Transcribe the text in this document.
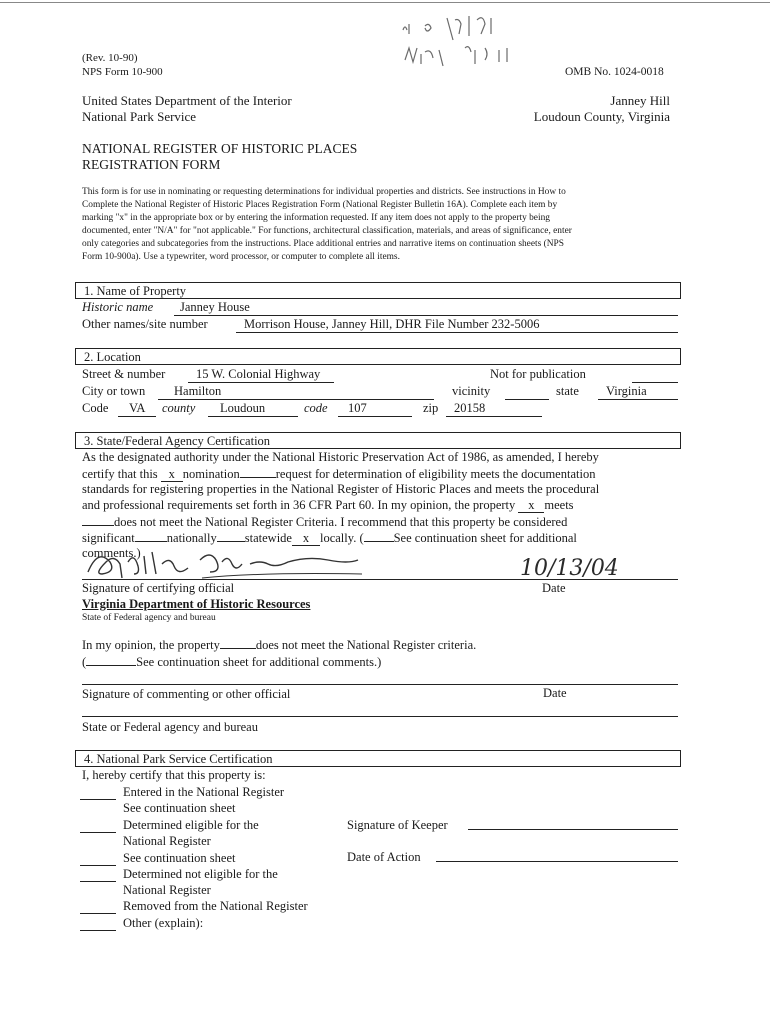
(Rev. 10-90)
NPS Form 10-900	OMB No. 1024-0018
United States Department of the Interior
National Park Service
Janney Hill
Loudoun County, Virginia
NATIONAL REGISTER OF HISTORIC PLACES
REGISTRATION FORM
This form is for use in nominating or requesting determinations for individual properties and districts. See instructions in How to
Complete the National Register of Historic Places Registration Form (National Register Bulletin 16A). Complete each item by
marking "x" in the appropriate box or by entering the information requested. If any item does not apply to the property being
documented, enter "N/A" for "not applicable." For functions, architectural classification, materials, and areas of significance, enter
only categories and subcategories from the instructions. Place additional entries and narrative items on continuation sheets (NPS
Form 10-900a). Use a typewriter, word processor, or computer to complete all items.
1. Name of Property
Historic name Janney House
Other names/site number	Morrison House, Janney Hill, DHR File Number 232-5006
2. Location
Street & number 15 W. Colonial Highway	Not for publication
City or town Hamilton	vicinity	state Virginia
Code VA county Loudoun	code 107	zip 20158
3. State/Federal Agency Certification
As the designated authority under the National Historic Preservation Act of 1986, as amended, I hereby
certify that this x nomination	request for determination of eligibility meets the documentation
standards for registering properties in the National Register of Historic Places and meets the procedural
and professional requirements set forth in 36 CFR Part 60. In my opinion, the property x meets
does not meet the National Register Criteria. I recommend that this property be considered
significant	nationally statewide x locally. ( See continuation sheet for additional
comments.)
Signature of certifying official
10/13/04
Date
Virginia Department of Historic Resources
State of Federal agency and bureau
In my opinion, the property	does not meet the National Register criteria.
(	See continuation sheet for additional comments.)
Signature of commenting or other official	Date
State or Federal agency and bureau
4. National Park Service Certification
I, hereby certify that this property is:
Entered in the National Register
See continuation sheet
Determined eligible for the
National Register
See continuation sheet
Determined not eligible for the
National Register
Removed from the National Register
Other (explain):
Signature of Keeper
Date of Action
